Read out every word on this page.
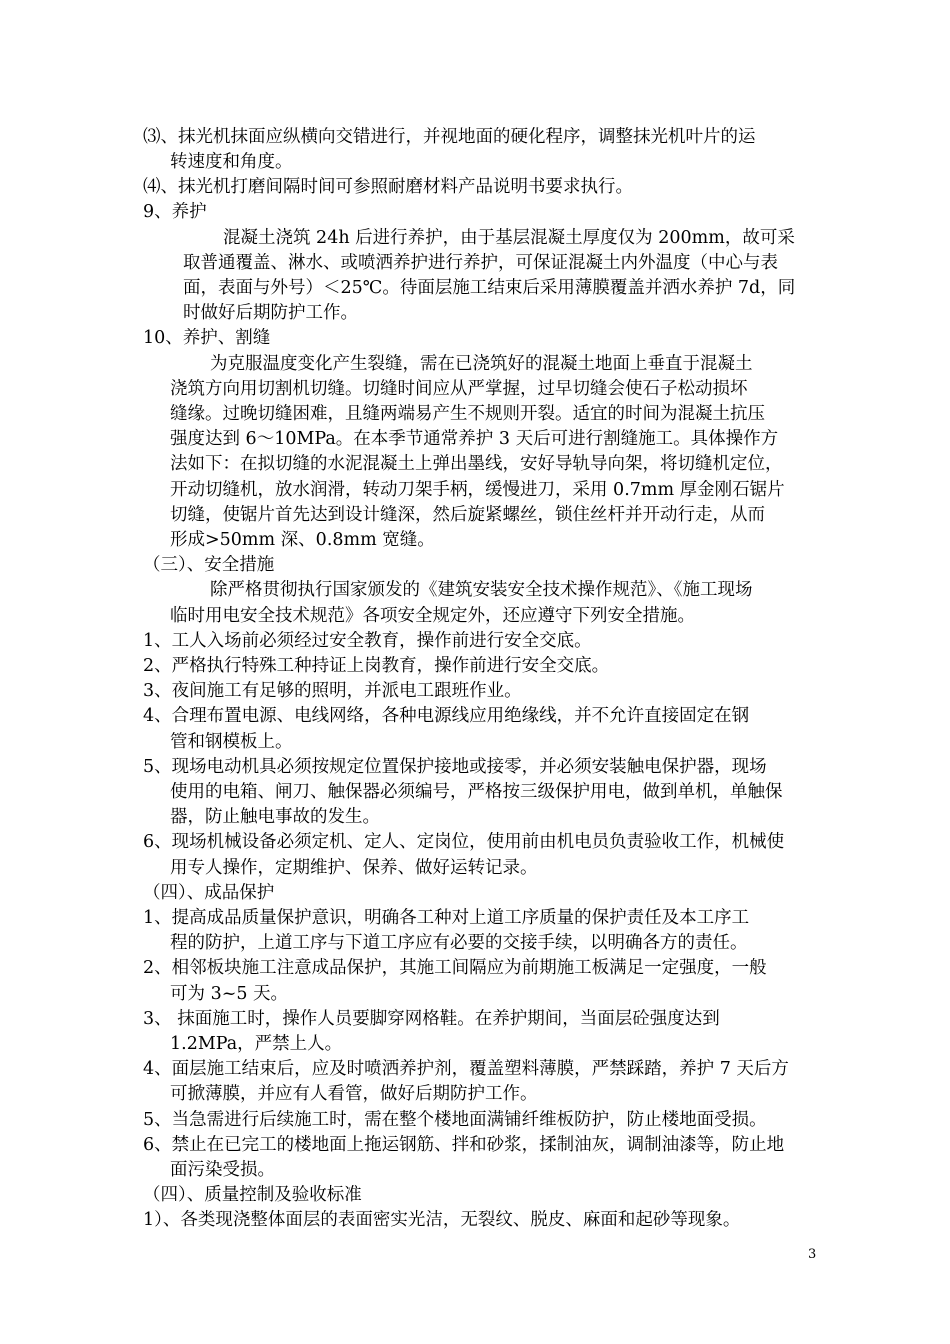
⑶、抹光机抹面应纵横向交错进行，并视地面的硬化程序，调整抹光机叶片的运
转速度和角度。
⑷、抹光机打磨间隔时间可参照耐磨材料产品说明书要求执行。
9、养护
混凝土浇筑 24h 后进行养护，由于基层混凝土厚度仅为 200mm，故可采
取普通覆盖、淋水、或喷洒养护进行养护，可保证混凝土内外温度（中心与表
面，表面与外号）＜25℃。待面层施工结束后采用薄膜覆盖并洒水养护 7d，同
时做好后期防护工作。
10、养护、割缝
为克服温度变化产生裂缝，需在已浇筑好的混凝土地面上垂直于混凝土
浇筑方向用切割机切缝。切缝时间应从严掌握，过早切缝会使石子松动损坏
缝缘。过晚切缝困难，且缝两端易产生不规则开裂。适宜的时间为混凝土抗压
强度达到 6～10MPa。在本季节通常养护 3 天后可进行割缝施工。具体操作方
法如下：在拟切缝的水泥混凝土上弹出墨线，安好导轨导向架，将切缝机定位，
开动切缝机，放水润滑，转动刀架手柄，缓慢进刀，采用 0.7mm 厚金刚石锯片
切缝，使锯片首先达到设计缝深，然后旋紧螺丝，锁住丝杆并开动行走，从而
形成>50mm 深、0.8mm 宽缝。
（三）、安全措施
除严格贯彻执行国家颁发的《建筑安装安全技术操作规范》、《施工现场
临时用电安全技术规范》各项安全规定外，还应遵守下列安全措施。
1、工人入场前必须经过安全教育，操作前进行安全交底。
2、严格执行特殊工种持证上岗教育，操作前进行安全交底。
3、夜间施工有足够的照明，并派电工跟班作业。
4、合理布置电源、电线网络，各种电源线应用绝缘线，并不允许直接固定在钢
管和钢模板上。
5、现场电动机具必须按规定位置保护接地或接零，并必须安装触电保护器，现场
使用的电箱、闸刀、触保器必须编号，严格按三级保护用电，做到单机，单触保
器，防止触电事故的发生。
6、现场机械设备必须定机、定人、定岗位，使用前由机电员负责验收工作，机械使
用专人操作，定期维护、保养、做好运转记录。
（四）、成品保护
1、提高成品质量保护意识，明确各工种对上道工序质量的保护责任及本工序工
程的防护，上道工序与下道工序应有必要的交接手续，以明确各方的责任。
2、相邻板块施工注意成品保护，其施工间隔应为前期施工板满足一定强度，一般
可为 3~5 天。
3、 抹面施工时，操作人员要脚穿网格鞋。在养护期间，当面层砼强度达到
1.2MPa，严禁上人。
4、面层施工结束后，应及时喷洒养护剂，覆盖塑料薄膜，严禁踩踏，养护 7 天后方
可掀薄膜，并应有人看管，做好后期防护工作。
5、当急需进行后续施工时，需在整个楼地面满铺纤维板防护，防止楼地面受损。
6、禁止在已完工的楼地面上拖运钢筋、拌和砂浆，揉制油灰，调制油漆等，防止地
面污染受损。
（四）、质量控制及验收标准
1）、各类现浇整体面层的表面密实光洁，无裂纹、脱皮、麻面和起砂等现象。
3
